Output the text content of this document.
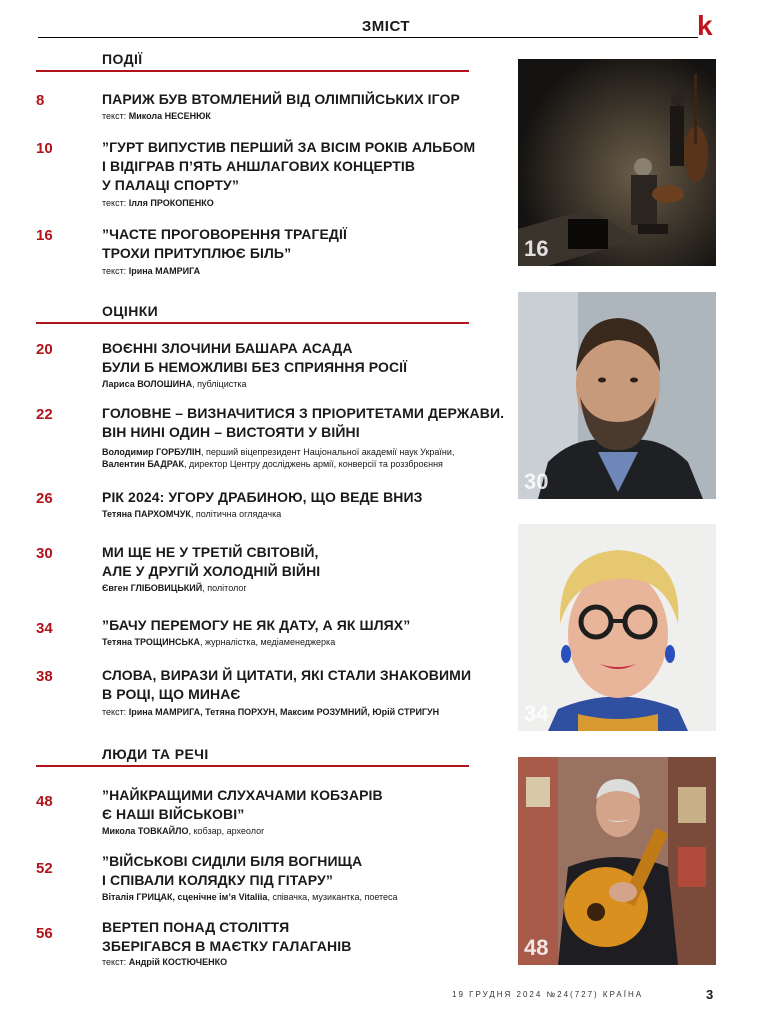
ЗМІСТ	k
ПОДІЇ
ОЦІНКИ
ЛЮДИ ТА РЕЧІ
8	ПАРИЖ БУВ ВТОМЛЕНИЙ ВІД ОЛІМПІЙСЬКИХ ІГОР
текст: Микола НЕСЕНЮК
10	”ГУРТ ВИПУСТИВ ПЕРШИЙ ЗА ВІСІМ РОКІВ АЛЬБОМ
І ВІДІГРАВ П’ЯТЬ АНШЛАГОВИХ КОНЦЕРТІВ
У ПАЛАЦІ СПОРТУ”
текст: Ілля ПРОКОПЕНКО
16	”ЧАСТЕ ПРОГОВОРЕННЯ ТРАГЕДІЇ
ТРОХИ ПРИТУПЛЮЄ БІЛЬ”
текст: Ірина МАМРИГА
20	ВОЄННІ ЗЛОЧИНИ БАШАРА АСАДА
БУЛИ Б НЕМОЖЛИВІ БЕЗ СПРИЯННЯ РОСІЇ
Лариса ВОЛОШИНА, публіцистка
22	ГОЛОВНЕ – ВИЗНАЧИТИСЯ З ПРІОРИТЕТАМИ ДЕРЖАВИ.
ВІН НИНІ ОДИН – ВИСТОЯТИ У ВІЙНІ
Володимир ГОРБУЛІН, перший віцепрезидент Національної академії наук України,
Валентин БАДРАК, директор Центру досліджень армії, конверсії та роззброєння
26	РІК 2024: УГОРУ ДРАБИНОЮ, ЩО ВЕДЕ ВНИЗ
Тетяна ПАРХОМЧУК, політична оглядачка
30	МИ ЩЕ НЕ У ТРЕТІЙ СВІТОВІЙ,
АЛЕ У ДРУГІЙ ХОЛОДНІЙ ВІЙНІ
Євген ГЛІБОВИЦЬКИЙ, політолог
34	”БАЧУ ПЕРЕМОГУ НЕ ЯК ДАТУ, А ЯК ШЛЯХ”
Тетяна ТРОЩИНСЬКА, журналістка, медіаменеджерка
38	СЛОВА, ВИРАЗИ Й ЦИТАТИ, ЯКІ СТАЛИ ЗНАКОВИМИ
В РОЦІ, ЩО МИНАЄ
текст: Ірина МАМРИГА, Тетяна ПОРХУН, Максим РОЗУМНИЙ, Юрій СТРИГУН
48	”НАЙКРАЩИМИ СЛУХАЧАМИ КОБЗАРІВ
Є НАШІ ВІЙСЬКОВІ”
Микола ТОВКАЙЛО, кобзар, археолог
52	”ВІЙСЬКОВІ СИДІЛИ БІЛЯ ВОГНИЩА
І СПІВАЛИ КОЛЯДКУ ПІД ГІТАРУ”
Віталія ГРИЦАК, сценічне ім’я Vitaliia, співачка, музикантка, поетеса
56	ВЕРТЕП ПОНАД СТОЛІТТЯ
ЗБЕРІГАВСЯ В МАЄТКУ ГАЛАГАНІВ
текст: Андрій КОСТЮЧЕНКО
16
30
34
48
19 ГРУДНЯ 2024 №24(727) КРАЇНА	3
